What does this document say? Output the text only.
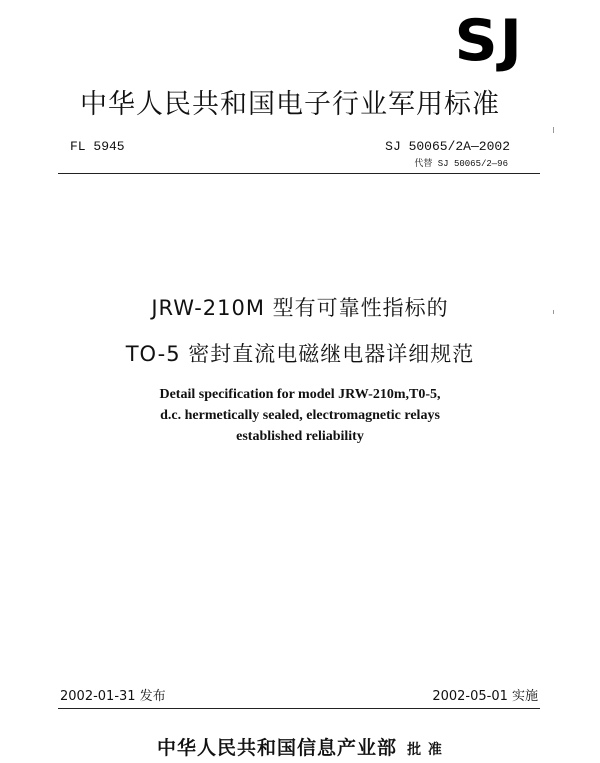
SJ
中华人民共和国电子行业军用标准
FL 5945	SJ 50065/2A—2002
代替 SJ 50065/2—96
JRW-210M 型有可靠性指标的
TO-5 密封直流电磁继电器详细规范
Detail specification for model JRW-210m,T0-5,
d.c. hermetically sealed, electromagnetic relays
established reliability
2002-01-31 发布	2002-05-01 实施
中华人民共和国信息产业部 批 准
